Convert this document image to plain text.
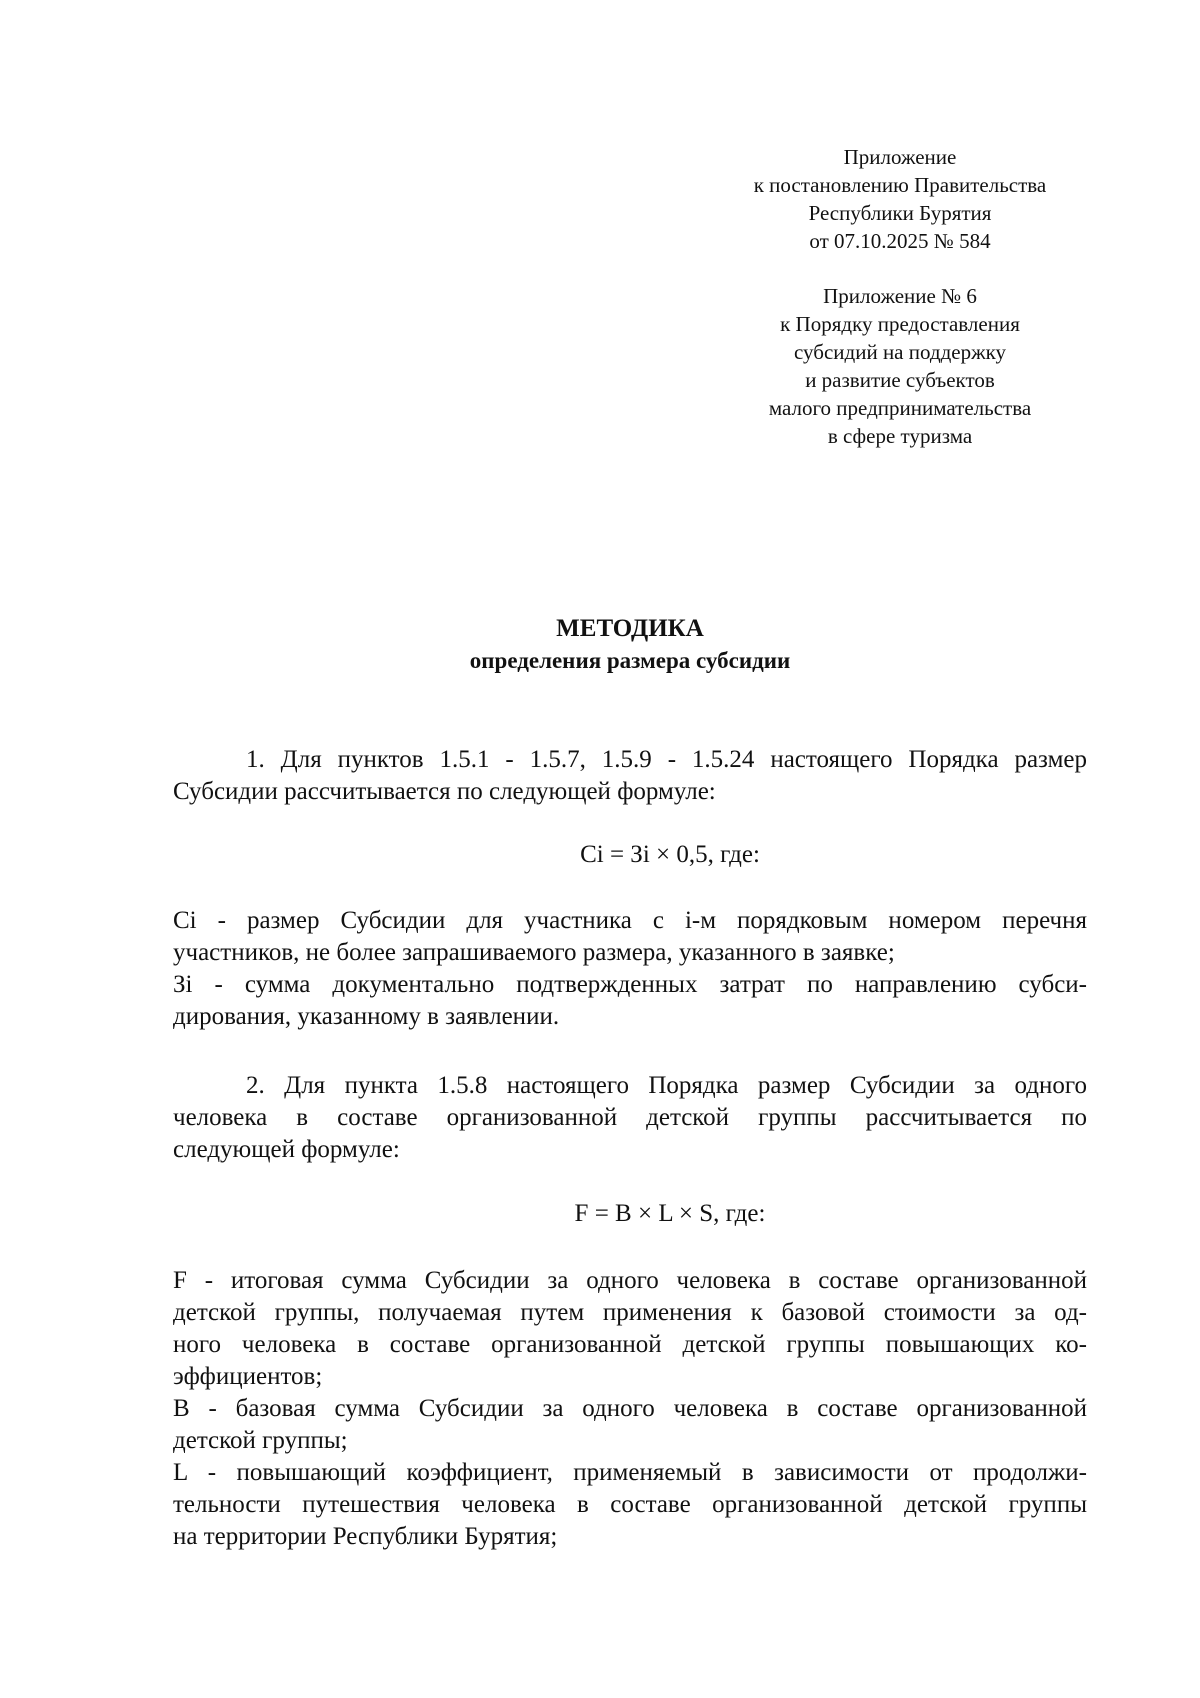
Приложение
к постановлению Правительства
Республики Бурятия
от 07.10.2025 № 584
Приложение № 6
к Порядку предоставления
субсидий на поддержку
и развитие субъектов
малого предпринимательства
в сфере туризма
МЕТОДИКА
определения размера субсидии
1. Для пунктов 1.5.1 - 1.5.7, 1.5.9 - 1.5.24 настоящего Порядка размер
Субсидии рассчитывается по следующей формуле:
Сi = Зi × 0,5, где:
Сi - размер Субсидии для участника с i-м порядковым номером перечня
участников, не более запрашиваемого размера, указанного в заявке;
Зi - сумма документально подтвержденных затрат по направлению субси-
дирования, указанному в заявлении.
2. Для пункта 1.5.8 настоящего Порядка размер Субсидии за одного
человека в составе организованной детской группы рассчитывается по
следующей формуле:
F = B × L × S, где:
F - итоговая сумма Субсидии за одного человека в составе организованной
детской группы, получаемая путем применения к базовой стоимости за од-
ного человека в составе организованной детской группы повышающих ко-
эффициентов;
B - базовая сумма Субсидии за одного человека в составе организованной
детской группы;
L - повышающий коэффициент, применяемый в зависимости от продолжи-
тельности путешествия человека в составе организованной детской группы
на территории Республики Бурятия;
